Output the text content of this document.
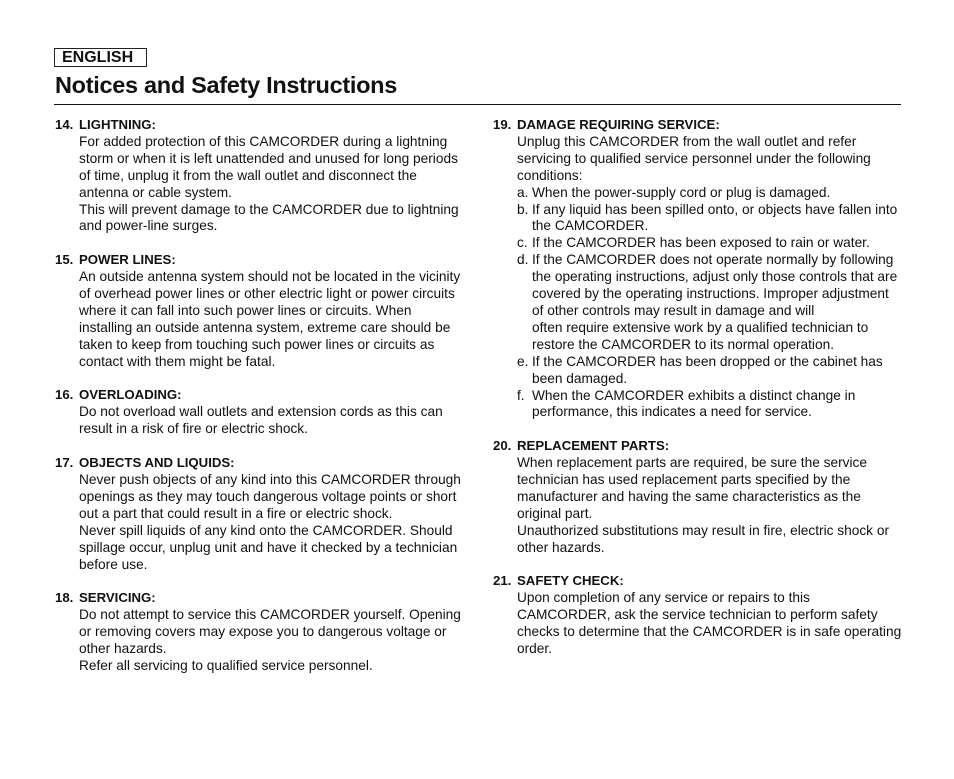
ENGLISH
Notices and Safety Instructions
14. LIGHTNING:
For added protection of this CAMCORDER during a lightning storm or when it is left unattended and unused for long periods of time, unplug it from the wall outlet and disconnect the antenna or cable system.
This will prevent damage to the CAMCORDER due to lightning and power-line surges.
15. POWER LINES:
An outside antenna system should not be located in the vicinity of overhead power lines or other electric light or power circuits where it can fall into such power lines or circuits. When installing an outside antenna system, extreme care should be taken to keep from touching such power lines or circuits as contact with them might be fatal.
16. OVERLOADING:
Do not overload wall outlets and extension cords as this can result in a risk of fire or electric shock.
17. OBJECTS AND LIQUIDS:
Never push objects of any kind into this CAMCORDER through openings as they may touch dangerous voltage points or short out a part that could result in a fire or electric shock.
Never spill liquids of any kind onto the CAMCORDER. Should spillage occur, unplug unit and have it checked by a technician before use.
18. SERVICING:
Do not attempt to service this CAMCORDER yourself. Opening or removing covers may expose you to dangerous voltage or other hazards.
Refer all servicing to qualified service personnel.
19. DAMAGE REQUIRING SERVICE:
Unplug this CAMCORDER from the wall outlet and refer servicing to qualified service personnel under the following conditions:
a. When the power-supply cord or plug is damaged.
b. If any liquid has been spilled onto, or objects have fallen into the CAMCORDER.
c. If the CAMCORDER has been exposed to rain or water.
d. If the CAMCORDER does not operate normally by following the operating instructions, adjust only those controls that are covered by the operating instructions. Improper adjustment of other controls may result in damage and will
often require extensive work by a qualified technician to restore the CAMCORDER to its normal operation.
e. If the CAMCORDER has been dropped or the cabinet has been damaged.
f. When the CAMCORDER exhibits a distinct change in performance, this indicates a need for service.
20. REPLACEMENT PARTS:
When replacement parts are required, be sure the service technician has used replacement parts specified by the manufacturer and having the same characteristics as the original part.
Unauthorized substitutions may result in fire, electric shock or other hazards.
21. SAFETY CHECK:
Upon completion of any service or repairs to this CAMCORDER, ask the service technician to perform safety checks to determine that the CAMCORDER is in safe operating order.
